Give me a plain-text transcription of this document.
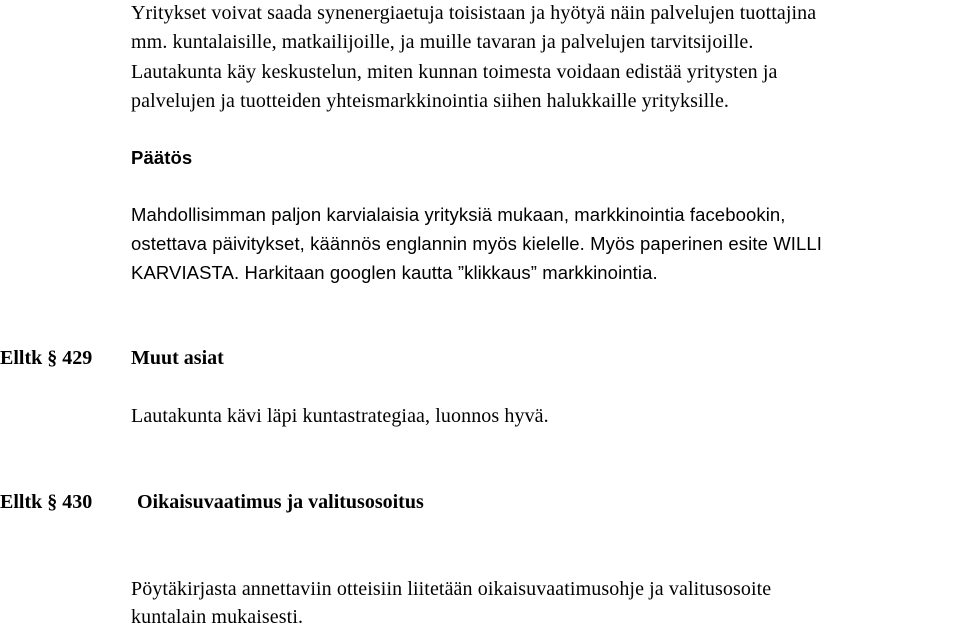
Yritykset voivat saada synenergiaetuja toisistaan ja hyötyä näin palvelujen tuottajina
mm. kuntalaisille, matkailijoille, ja muille tavaran ja palvelujen tarvitsijoille.
Lautakunta käy keskustelun, miten kunnan toimesta voidaan edistää yritysten ja
palvelujen ja tuotteiden yhteismarkkinointia siihen halukkaille yrityksille.
Päätös
Mahdollisimman paljon karvialaisia yrityksiä mukaan, markkinointia facebookin,
ostettava päivitykset, käännös englannin myös kielelle. Myös paperinen esite WILLI
KARVIASTA. Harkitaan googlen kautta ”klikkaus” markkinointia.
Elltk § 429 Muut asiat
Lautakunta kävi läpi kuntastrategiaa, luonnos hyvä.
Elltk § 430 Oikaisuvaatimus ja valitusosoitus
Pöytäkirjasta annettaviin otteisiin liitetään oikaisuvaatimusohje ja valitusosoite
kuntalain mukaisesti.
